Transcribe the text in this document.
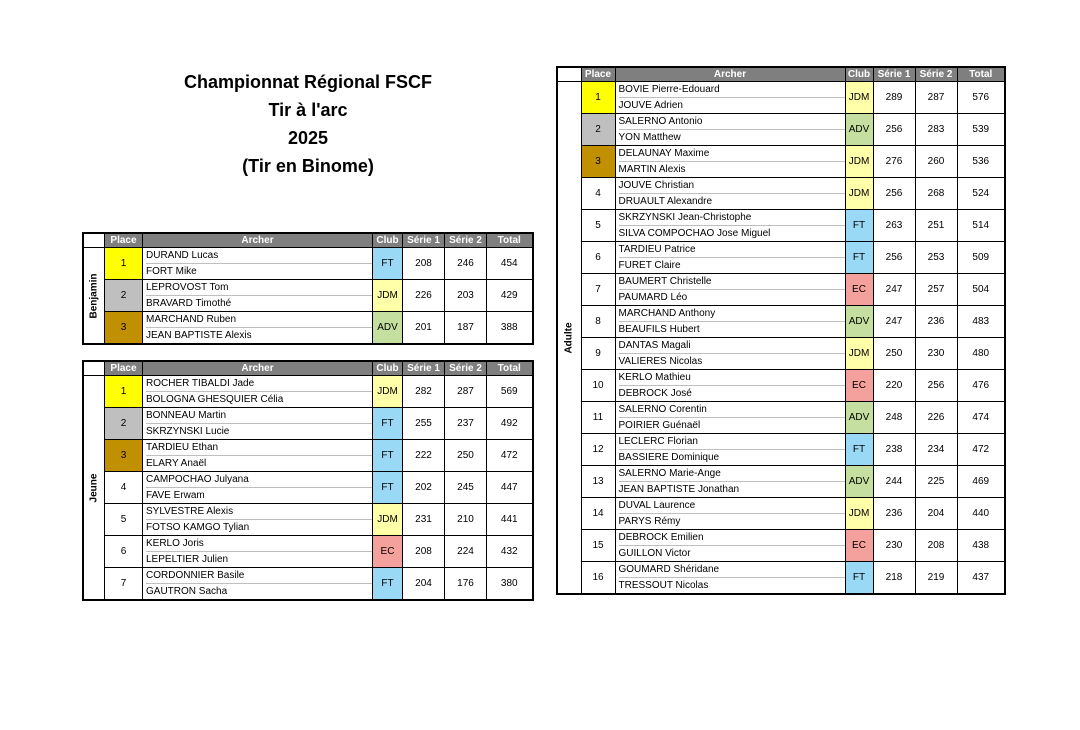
Championnat Régional FSCF
Tir à l'arc
2025
(Tir en Binome)
	Place	Archer	Club	Série 1	Série 2	Total

Benjamin	1	DURAND Lucas
FORT Mike	FT	208	246	454
	2	LEPROVOST Tom
BRAVARD Timothé	JDM	226	203	429
	3	MARCHAND Ruben
JEAN BAPTISTE Alexis	ADV	201	187	388
	Place	Archer	Club	Série 1	Série 2	Total

Jeune	1	ROCHER TIBALDI Jade
BOLOGNA GHESQUIER Célia	JDM	282	287	569
	2	BONNEAU Martin
SKRZYNSKI Lucie	FT	255	237	492
	3	TARDIEU Ethan
ELARY Anaël	FT	222	250	472
	4	CAMPOCHAO Julyana
FAVE Erwam	FT	202	245	447
	5	SYLVESTRE Alexis
FOTSO KAMGO Tylian	JDM	231	210	441
	6	KERLO Joris
LEPELTIER Julien	EC	208	224	432
	7	CORDONNIER Basile
GAUTRON Sacha	FT	204	176	380
	Place	Archer	Club	Série 1	Série 2	Total

Adulte	1	BOVIE Pierre-Edouard
JOUVE Adrien	JDM	289	287	576
	2	SALERNO Antonio
YON Matthew	ADV	256	283	539
	3	DELAUNAY Maxime
MARTIN Alexis	JDM	276	260	536
	4	JOUVE Christian
DRUAULT Alexandre	JDM	256	268	524
	5	SKRZYNSKI Jean-Christophe
SILVA COMPOCHAO Jose Miguel	FT	263	251	514
	6	TARDIEU Patrice
FURET Claire	FT	256	253	509
	7	BAUMERT Christelle
PAUMARD Léo	EC	247	257	504
	8	MARCHAND Anthony
BEAUFILS Hubert	ADV	247	236	483
	9	DANTAS Magali
VALIERES Nicolas	JDM	250	230	480
	10	KERLO Mathieu
DEBROCK José	EC	220	256	476
	11	SALERNO Corentin
POIRIER Guénaël	ADV	248	226	474
	12	LECLERC Florian
BASSIERE Dominique	FT	238	234	472
	13	SALERNO Marie-Ange
JEAN BAPTISTE Jonathan	ADV	244	225	469
	14	DUVAL Laurence
PARYS Rémy	JDM	236	204	440
	15	DEBROCK Emilien
GUILLON Victor	EC	230	208	438
	16	GOUMARD Shéridane
TRESSOUT Nicolas	FT	218	219	437
